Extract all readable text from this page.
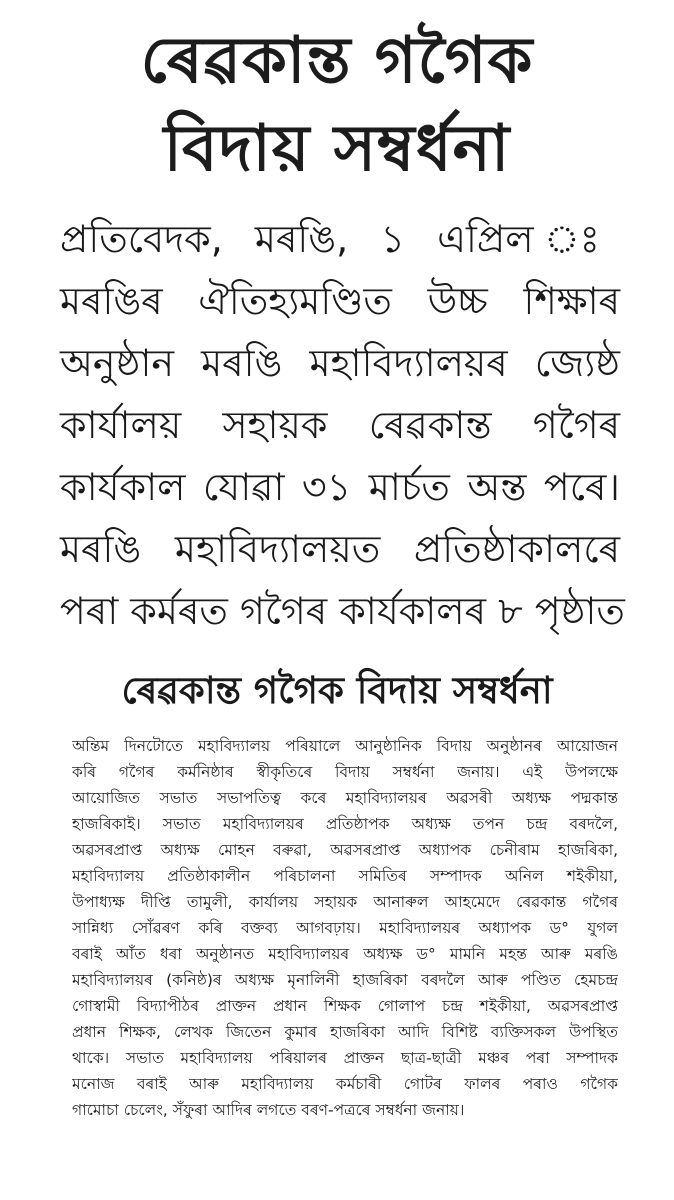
ৰেৱকান্ত গগৈক
বিদায় সম্বৰ্ধনা
প্ৰতিবেদক, মৰঙি, ১ এপ্ৰিল ঃ
মৰঙিৰ ঐতিহ্যমণ্ডিত উচ্চ শিক্ষাৰ
অনুষ্ঠান মৰঙি মহাবিদ্যালয়ৰ জ্যেষ্ঠ
কাৰ্যালয় সহায়ক ৰেৱকান্ত গগৈৰ
কাৰ্যকাল যোৱা ৩১ মাৰ্চত অন্ত পৰে।
মৰঙি মহাবিদ্যালয়ত প্ৰতিষ্ঠাকালৰে
পৰা কৰ্মৰত গগৈৰ কাৰ্যকালৰ ৮ পৃষ্ঠাত
ৰেৱকান্ত গগৈক বিদায় সম্বৰ্ধনা
অন্তিম দিনটোতে মহাবিদ্যালয় পৰিয়ালে আনুষ্ঠানিক বিদায় অনুষ্ঠানৰ আয়োজন
কৰি গগৈৰ কৰ্মনিষ্ঠাৰ স্বীকৃতিৰে বিদায় সম্বৰ্ধনা জনায়। এই উপলক্ষে
আয়োজিত সভাত সভাপতিত্ব কৰে মহাবিদ্যালয়ৰ অৱসৰী অধ্যক্ষ পদ্মকান্ত
হাজৰিকাই। সভাত মহাবিদ্যালয়ৰ প্ৰতিষ্ঠাপক অধ্যক্ষ তপন চন্দ্ৰ বৰদলৈ,
অৱসৰপ্ৰাপ্ত অধ্যক্ষ মোহন বৰুৱা, অৱসৰপ্ৰাপ্ত অধ্যাপক চেনীৰাম হাজৰিকা,
মহাবিদ্যালয় প্ৰতিষ্ঠাকালীন পৰিচালনা সমিতিৰ সম্পাদক অনিল শইকীয়া,
উপাধ্যক্ষ দীপ্তি তামুলী, কাৰ্যালয় সহায়ক আনাৰুল আহমেদে ৰেৱকান্ত গগৈৰ
সান্নিধ্য সোঁৱৰণ কৰি বক্তব্য আগবঢ়ায়। মহাবিদ্যালয়ৰ অধ্যাপক ড° যুগল
বৰাই আঁত ধৰা অনুষ্ঠানত মহাবিদ্যালয়ৰ অধ্যক্ষ ড° মামনি মহন্ত আৰু মৰঙি
মহাবিদ্যালয়ৰ (কনিষ্ঠ)ৰ অধ্যক্ষ মৃনালিনী হাজৰিকা বৰদলৈ আৰু পণ্ডিত হেমচন্দ্ৰ
গোস্বামী বিদ্যাপীঠৰ প্ৰাক্তন প্ৰধান শিক্ষক গোলাপ চন্দ্ৰ শইকীয়া, অৱসৰপ্ৰাপ্ত
প্ৰধান শিক্ষক, লেখক জিতেন কুমাৰ হাজৰিকা আদি বিশিষ্ট ব্যক্তিসকল উপস্থিত
থাকে। সভাত মহাবিদ্যালয় পৰিয়ালৰ প্ৰাক্তন ছাত্ৰ-ছাত্ৰী মঞ্চৰ পৰা সম্পাদক
মনোজ বৰাই আৰু মহাবিদ্যালয় কৰ্মচাৰী গোটৰ ফালৰ পৰাও গগৈক
গামোচা চেলেং, সঁফুৰা আদিৰ লগতে বৰণ-পত্ৰৰে সম্বৰ্ধনা জনায়।
